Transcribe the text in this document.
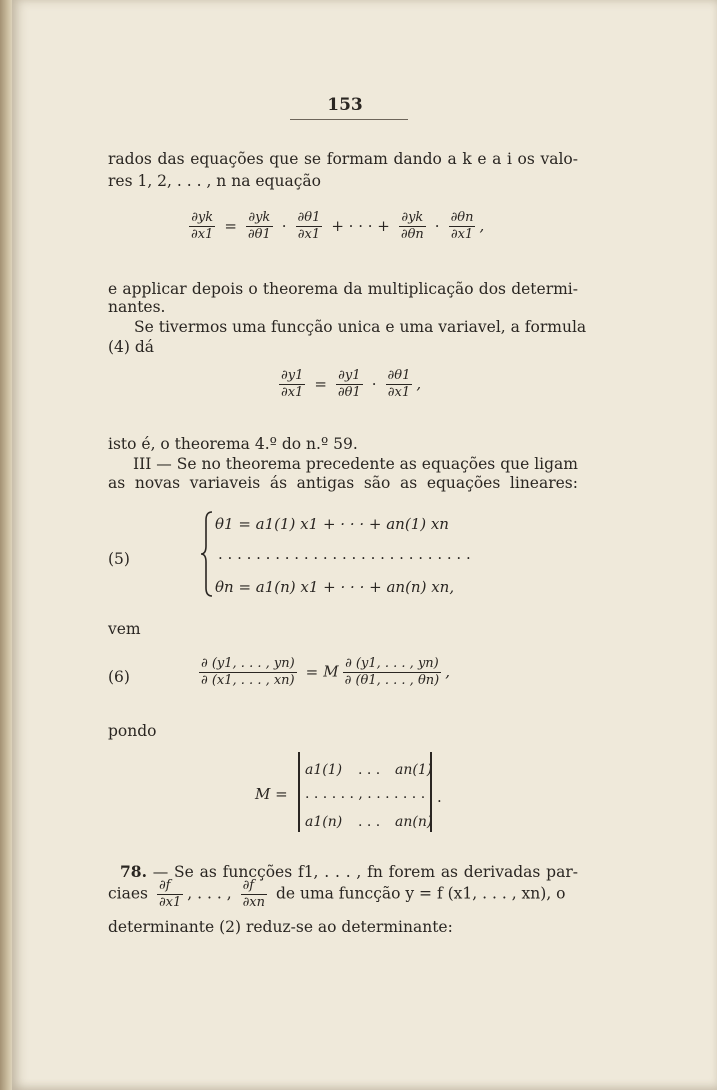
153
rados das equações que se formam dando a k e a i os valo-
res 1, 2, . . . , n na equação
$\frac{\partial yk}{\partial x1} = \frac{\partial yk}{\partial\theta 1} \cdot \frac{\partial\theta 1}{\partial x1}$ + · · · + $\frac{\partial yk}{\partial\theta n} \cdot \frac{\partial\theta n}{\partial x1}$ ,
e applicar depois o theorema da multiplicação dos determi-
nantes.
Se tivermos uma funcção unica e uma variavel, a formula
(4) dá
$\frac{\partial y1}{\partial x1} = \frac{\partial y1}{\partial\theta 1} \cdot \frac{\partial\theta 1}{\partial x1}$ ,
isto é, o theorema 4.º do n.º 59.
III — Se no theorema precedente as equações que ligam
as novas variaveis ás antigas são as equações lineares:
(5)
θ1 = a1(1) x1 + · · · + an(1) xn
. . . . . . . . . . . . . . . . . . . . . . . . . . .
θn = a1(n) x1 + · · · + an(n) xn,
vem
(6)	$\frac{\partial (y1, . . . , yn)}{\partial (x1, . . . , xn)} = M \frac{\partial (y1, . . . , yn)}{\partial (\theta 1, . . . , \theta n)}$ ,
pondo
M =
a1(1) . . . an(1)
. . . . . . , . . . . . . .
a1(n) . . . an(n)
.
78. — Se as funcções f1, . . . , fn forem as derivadas par-
ciaes $\frac{\partial f}{\partial x1}$ , . . . , $\frac{\partial f}{\partial xn}$ de uma funcção y = f (x1, . . . , xn), o
determinante (2) reduz-se ao determinante:
